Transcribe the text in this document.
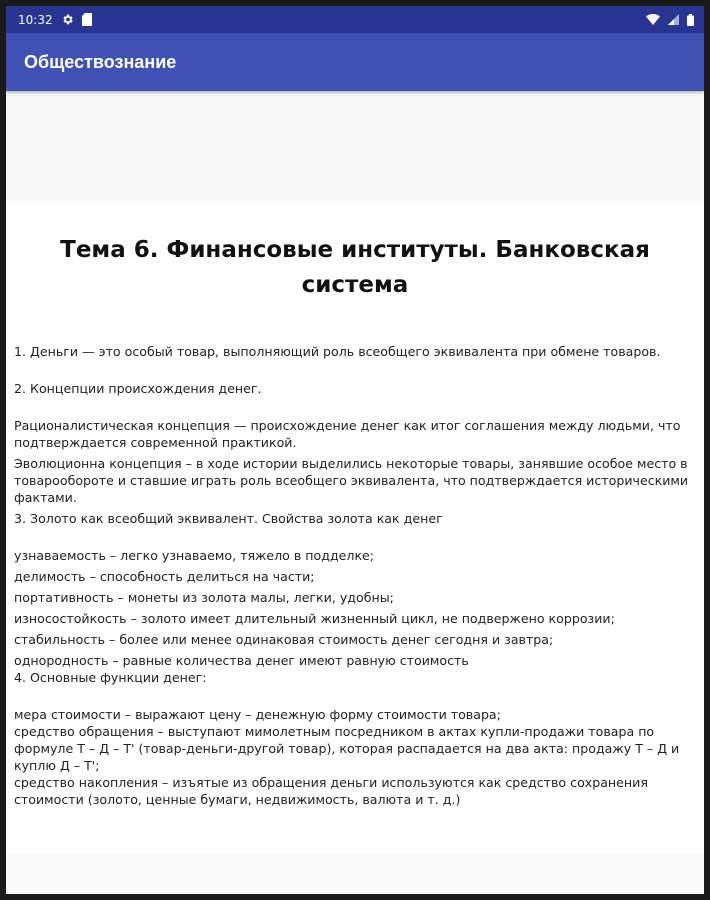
10:32
Обществознание
Тема 6. Финансовые институты. Банковская система

1. Деньги — это особый товар, выполняющий роль всеобщего эквивалента при обмене товаров.

2. Концепции происхождения денег.

Рационалистическая концепция — происхождение денег как итог соглашения между людьми, что подтверждается современной практикой.

Эволюционна концепция – в ходе истории выделились некоторые товары, занявшие особое место в товарообороте и ставшие играть роль всеобщего эквивалента, что подтверждается историческими фактами.

3. Золото как всеобщий эквивалент. Свойства золота как денег

узнаваемость – легко узнаваемо, тяжело в подделке;

делимость – способность делиться на части;

портативность – монеты из золота малы, легки, удобны;

износостойкость – золото имеет длительный жизненный цикл, не подвержено коррозии;

стабильность – более или менее одинаковая стоимость денег сегодня и завтра;

однородность – равные количества денег имеют равную стоимость

4. Основные функции денег:

мера стоимости – выражают цену – денежную форму стоимости товара;

средство обращения – выступают мимолетным посредником в актах купли-продажи товара по формуле Т – Д – Т' (товар-деньги-другой товар), которая распадается на два акта: продажу Т – Д и куплю Д – Т';

средство накопления – изъятые из обращения деньги используются как средство сохранения стоимости (золото, ценные бумаги, недвижимость, валюта и т. д.)
